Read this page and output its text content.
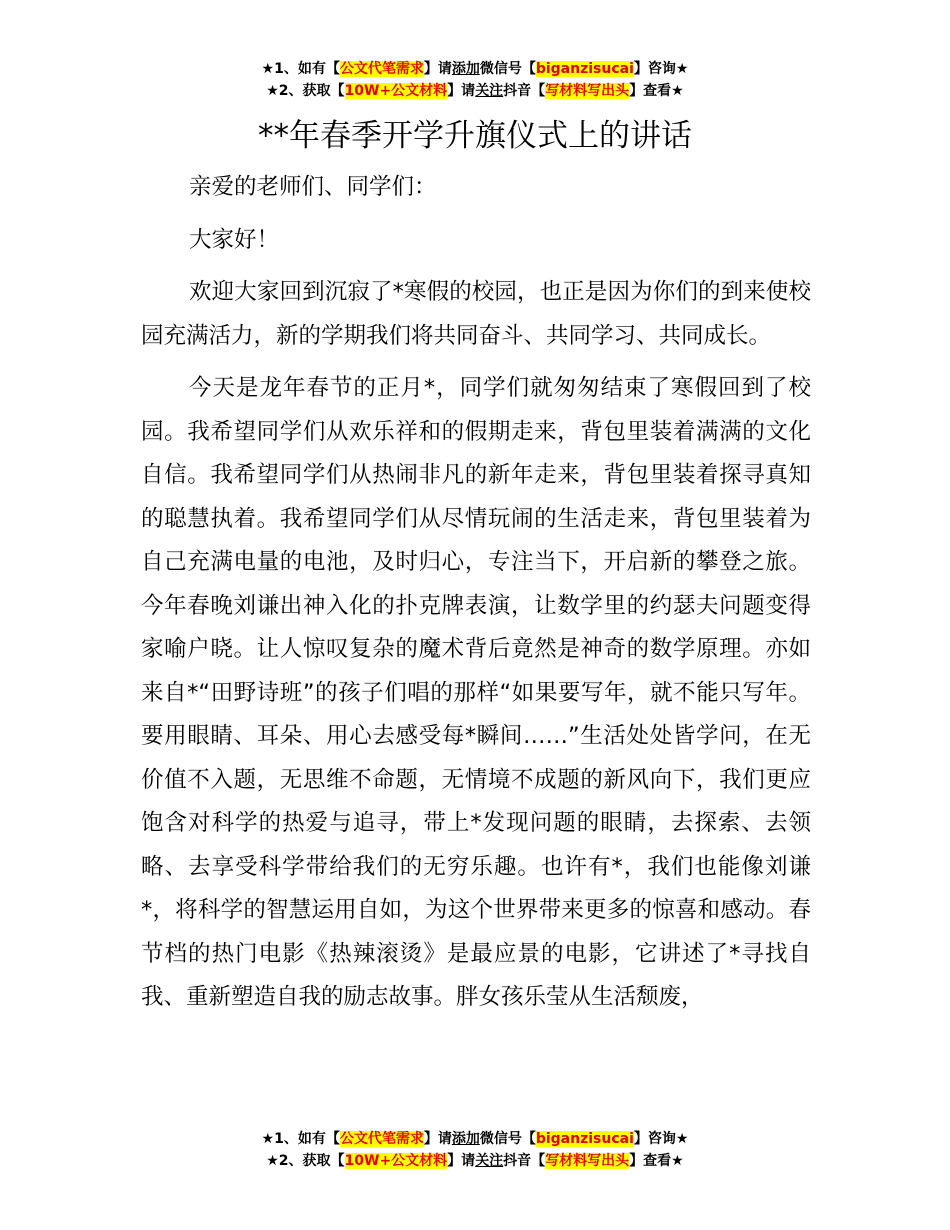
★1、如有【公文代笔需求】请添加微信号【biganzisucai】咨询★
★2、获取【10W+公文材料】请关注抖音【写材料写出头】查看★
**年春季开学升旗仪式上的讲话

亲爱的老师们、同学们：

大家好！

欢迎大家回到沉寂了*寒假的校园，也正是因为你们的到来使校园充满活力，新的学期我们将共同奋斗、共同学习、共同成长。

今天是龙年春节的正月*，同学们就匆匆结束了寒假回到了校园。我希望同学们从欢乐祥和的假期走来，背包里装着满满的文化自信。我希望同学们从热闹非凡的新年走来，背包里装着探寻真知的聪慧执着。我希望同学们从尽情玩闹的生活走来，背包里装着为自己充满电量的电池，及时归心，专注当下，开启新的攀登之旅。今年春晚刘谦出神入化的扑克牌表演，让数学里的约瑟夫问题变得家喻户晓。让人惊叹复杂的魔术背后竟然是神奇的数学原理。亦如来自*“田野诗班”的孩子们唱的那样“如果要写年，就不能只写年。要用眼睛、耳朵、用心去感受每*瞬间……”生活处处皆学问，在无价值不入题，无思维不命题，无情境不成题的新风向下，我们更应饱含对科学的热爱与追寻，带上*发现问题的眼睛，去探索、去领略、去享受科学带给我们的无穷乐趣。也许有*，我们也能像刘谦*，将科学的智慧运用自如，为这个世界带来更多的惊喜和感动。春节档的热门电影《热辣滚烫》是最应景的电影，它讲述了*寻找自我、重新塑造自我的励志故事。胖女孩乐莹从生活颓废，

★1、如有【公文代笔需求】请添加微信号【biganzisucai】咨询★
★2、获取【10W+公文材料】请关注抖音【写材料写出头】查看★
